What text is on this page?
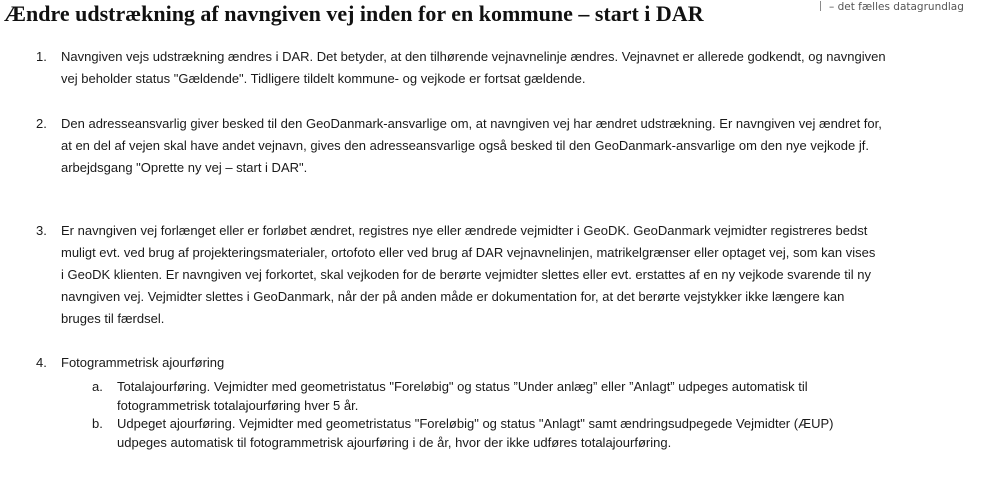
Ændre udstrækning af navngiven vej inden for en kommune – start i DAR	– det fælles datagrundlag
1. Navngiven vejs udstrækning ændres i DAR. Det betyder, at den tilhørende vejnavnelinje ændres. Vejnavnet er allerede godkendt, og navngiven
vej beholder status "Gældende". Tidligere tildelt kommune- og vejkode er fortsat gældende.
2. Den adresseansvarlig giver besked til den GeoDanmark-ansvarlige om, at navngiven vej har ændret udstrækning. Er navngiven vej ændret for,
at en del af vejen skal have andet vejnavn, gives den adresseansvarlige også besked til den GeoDanmark-ansvarlige om den nye vejkode jf.
arbejdsgang "Oprette ny vej – start i DAR".
3. Er navngiven vej forlænget eller er forløbet ændret, registres nye eller ændrede vejmidter i GeoDK. GeoDanmark vejmidter registreres bedst
muligt evt. ved brug af projekteringsmaterialer, ortofoto eller ved brug af DAR vejnavnelinjen, matrikelgrænser eller optaget vej, som kan vises
i GeoDK klienten. Er navngiven vej forkortet, skal vejkoden for de berørte vejmidter slettes eller evt. erstattes af en ny vejkode svarende til ny
navngiven vej. Vejmidter slettes i GeoDanmark, når der på anden måde er dokumentation for, at det berørte vejstykker ikke længere kan
bruges til færdsel.
4. Fotogrammetrisk ajourføring
a. Totalajourføring. Vejmidter med geometristatus "Foreløbig" og status ”Under anlæg” eller ”Anlagt” udpeges automatisk til
fotogrammetrisk totalajourføring hver 5 år.
b. Udpeget ajourføring. Vejmidter med geometristatus "Foreløbig" og status "Anlagt" samt ændringsudpegede Vejmidter (ÆUP)
udpeges automatisk til fotogrammetrisk ajourføring i de år, hvor der ikke udføres totalajourføring.
